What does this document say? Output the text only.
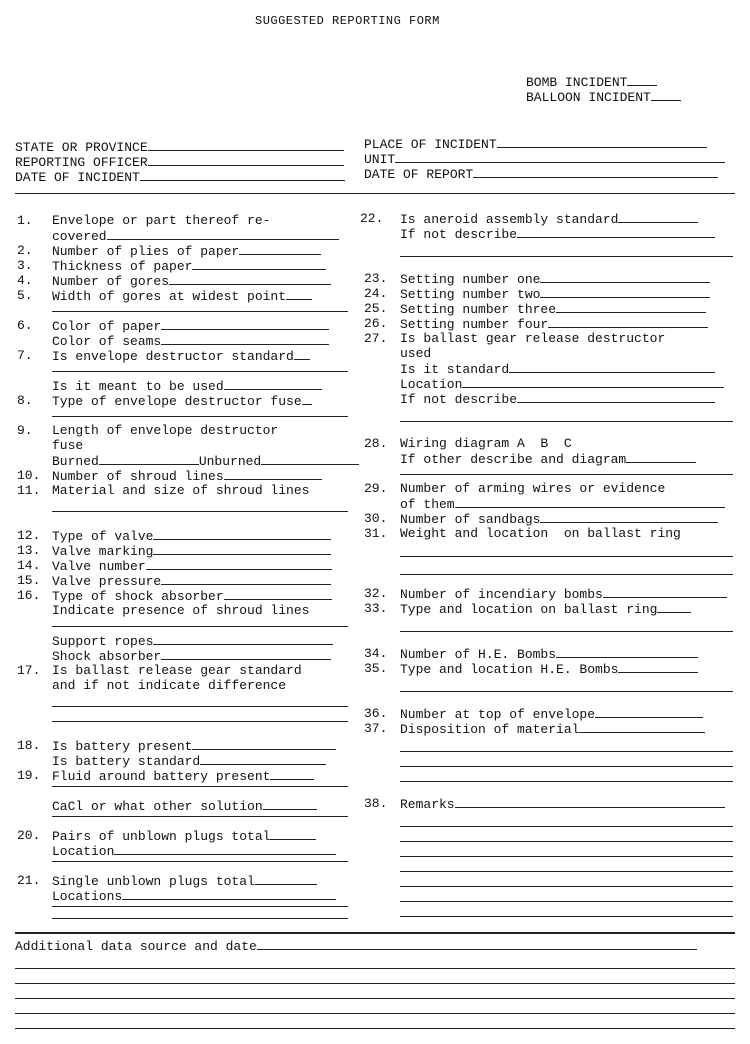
SUGGESTED REPORTING FORM
BOMB INCIDENT
BALLOON INCIDENT
STATE OR PROVINCE
REPORTING OFFICER
DATE OF INCIDENT
PLACE OF INCIDENT
UNIT
DATE OF REPORT
1. Envelope or part thereof re-
covered
2. Number of plies of paper
3. Thickness of paper
4. Number of gores
5. Width of gores at widest point
6. Color of paper
Color of seams
7. Is envelope destructor standard
Is it meant to be used
8. Type of envelope destructor fuse
9. Length of envelope destructor
fuse
Burned	Unburned
10. Number of shroud lines
11. Material and size of shroud lines
12. Type of valve
13. Valve marking
14. Valve number
15. Valve pressure
16. Type of shock absorber
Indicate presence of shroud lines
Support ropes
Shock absorber
17. Is ballast release gear standard
and if not indicate difference
18. Is battery present
Is battery standard
19. Fluid around battery present
CaCl or what other solution
20. Pairs of unblown plugs total
Location
21. Single unblown plugs total
Locations
22. Is aneroid assembly standard
If not describe
23. Setting number one
24. Setting number two
25. Setting number three
26. Setting number four
27. Is ballast gear release destructor
used
Is it standard
Location
If not describe
28. Wiring diagram A  B  C
If other describe and diagram
29. Number of arming wires or evidence
of them
30. Number of sandbags
31. Weight and location  on ballast ring
32. Number of incendiary bombs
33. Type and location on ballast ring
34. Number of H.E. Bombs
35. Type and location H.E. Bombs
36. Number at top of envelope
37. Disposition of material
38. Remarks
Additional data source and date
